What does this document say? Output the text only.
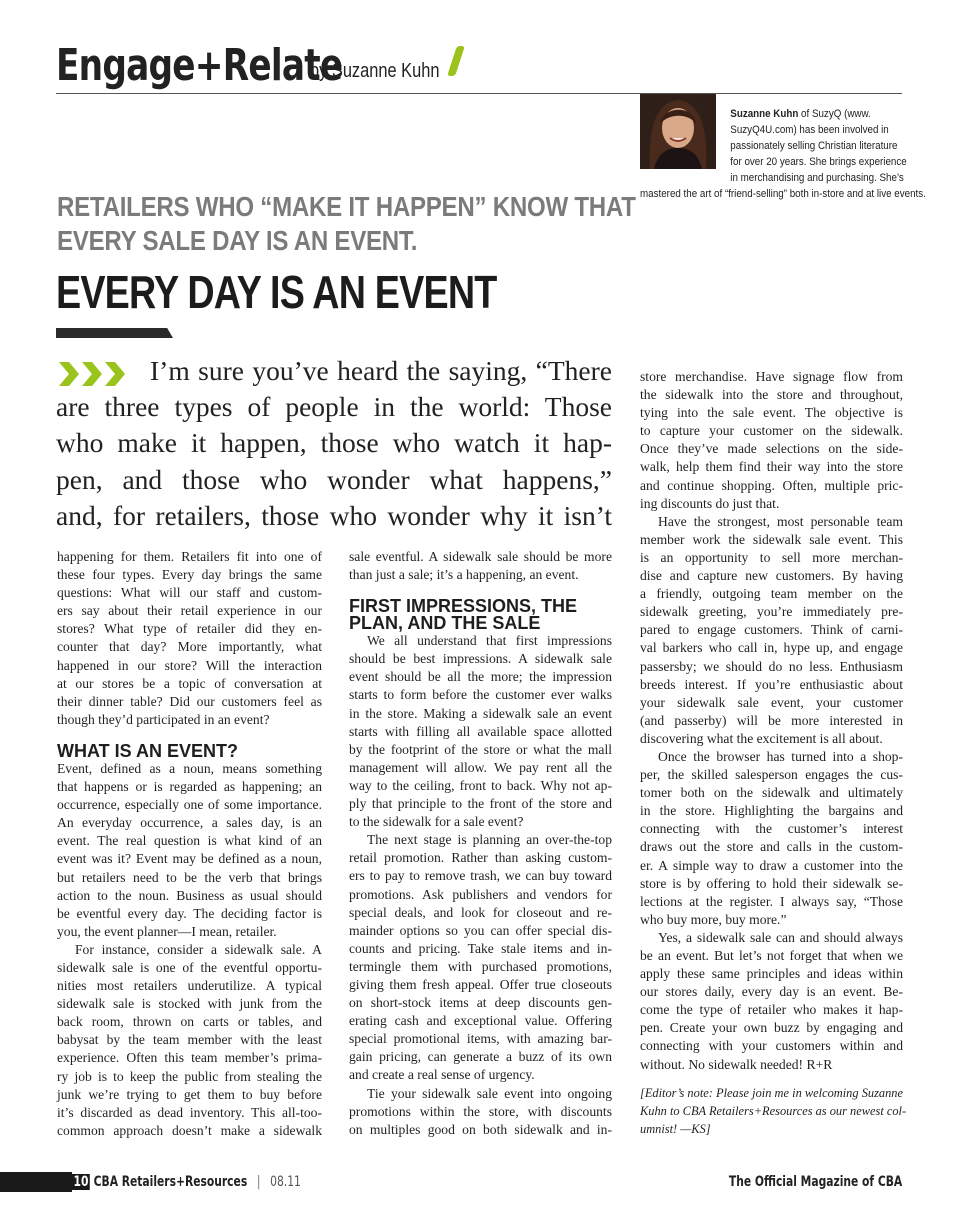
Engage+Relate
by Suzanne Kuhn
Suzanne Kuhn of SuzyQ (www.
SuzyQ4U.com) has been involved in
passionately selling Christian literature
for over 20 years. She brings experience
in merchandising and purchasing. She’s
mastered the art of “friend-selling” both in-store and at live events.
RETAILERS WHO “MAKE IT HAPPEN” KNOW THAT
EVERY SALE DAY IS AN EVENT.
EVERY DAY IS AN EVENT
I’m sure you’ve heard the saying, “There
are three types of people in the world: Those
who make it happen, those who watch it hap-
pen, and those who wonder what happens,”
and, for retailers, those who wonder why it isn’t
happening for them. Retailers fit into one of
these four types. Every day brings the same
questions: What will our staff and custom-
ers say about their retail experience in our
stores? What type of retailer did they en-
counter that day? More importantly, what
happened in our store? Will the interaction
at our stores be a topic of conversation at
their dinner table? Did our customers feel as
though they’d participated in an event?
WHAT IS AN EVENT?
Event, defined as a noun, means something
that happens or is regarded as happening; an
occurrence, especially one of some importance.
An everyday occurrence, a sales day, is an
event. The real question is what kind of an
event was it? Event may be defined as a noun,
but retailers need to be the verb that brings
action to the noun. Business as usual should
be eventful every day. The deciding factor is
you, the event planner—I mean, retailer.
For instance, consider a sidewalk sale. A
sidewalk sale is one of the eventful opportu-
nities most retailers underutilize. A typical
sidewalk sale is stocked with junk from the
back room, thrown on carts or tables, and
babysat by the team member with the least
experience. Often this team member’s prima-
ry job is to keep the public from stealing the
junk we’re trying to get them to buy before
it’s discarded as dead inventory. This all-too-
common approach doesn’t make a sidewalk
sale eventful. A sidewalk sale should be more
than just a sale; it’s a happening, an event.
FIRST IMPRESSIONS, THE
PLAN, AND THE SALE
We all understand that first impressions
should be best impressions. A sidewalk sale
event should be all the more; the impression
starts to form before the customer ever walks
in the store. Making a sidewalk sale an event
starts with filling all available space allotted
by the footprint of the store or what the mall
management will allow. We pay rent all the
way to the ceiling, front to back. Why not ap-
ply that principle to the front of the store and
to the sidewalk for a sale event?
The next stage is planning an over-the-top
retail promotion. Rather than asking custom-
ers to pay to remove trash, we can buy toward
promotions. Ask publishers and vendors for
special deals, and look for closeout and re-
mainder options so you can offer special dis-
counts and pricing. Take stale items and in-
termingle them with purchased promotions,
giving them fresh appeal. Offer true closeouts
on short-stock items at deep discounts gen-
erating cash and exceptional value. Offering
special promotional items, with amazing bar-
gain pricing, can generate a buzz of its own
and create a real sense of urgency.
Tie your sidewalk sale event into ongoing
promotions within the store, with discounts
on multiples good on both sidewalk and in-
store merchandise. Have signage flow from
the sidewalk into the store and throughout,
tying into the sale event. The objective is
to capture your customer on the sidewalk.
Once they’ve made selections on the side-
walk, help them find their way into the store
and continue shopping. Often, multiple pric-
ing discounts do just that.
Have the strongest, most personable team
member work the sidewalk sale event. This
is an opportunity to sell more merchan-
dise and capture new customers. By having
a friendly, outgoing team member on the
sidewalk greeting, you’re immediately pre-
pared to engage customers. Think of carni-
val barkers who call in, hype up, and engage
passersby; we should do no less. Enthusiasm
breeds interest. If you’re enthusiastic about
your sidewalk sale event, your customer
(and passerby) will be more interested in
discovering what the excitement is all about.
Once the browser has turned into a shop-
per, the skilled salesperson engages the cus-
tomer both on the sidewalk and ultimately
in the store. Highlighting the bargains and
connecting with the customer’s interest
draws out the store and calls in the custom-
er. A simple way to draw a customer into the
store is by offering to hold their sidewalk se-
lections at the register. I always say, “Those
who buy more, buy more.”
Yes, a sidewalk sale can and should always
be an event. But let’s not forget that when we
apply these same principles and ideas within
our stores daily, every day is an event. Be-
come the type of retailer who makes it hap-
pen. Create your own buzz by engaging and
connecting with your customers within and
without. No sidewalk needed! R+R
[Editor’s note: Please join me in welcoming Suzanne
Kuhn to CBA Retailers+Resources as our newest col-
umnist! —KS]
10 CBA Retailers+Resources | 08.11	The Official Magazine of CBA
